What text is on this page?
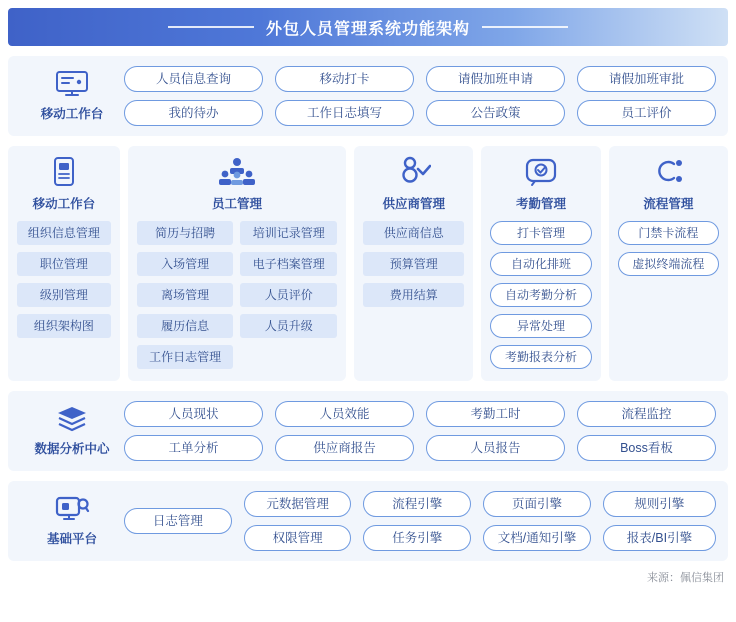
外包人员管理系统功能架构
移动工作台
人员信息查询	移动打卡	请假加班申请	请假加班审批
我的待办	工作日志填写	公告政策	员工评价
移动工作台
组织信息管理
职位管理
级别管理
组织架构图
员工管理
简历与招聘	培训记录管理
入场管理	电子档案管理
离场管理	人员评价
履历信息	人员升级
工作日志管理
供应商管理
供应商信息
预算管理
费用结算
考勤管理
打卡管理
自动化排班
自动考勤分析
异常处理
考勤报表分析
流程管理
门禁卡流程
虚拟终端流程
数据分析中心
人员现状	人员效能	考勤工时	流程监控
工单分析	供应商报告	人员报告	Boss看板
基础平台
元数据管理	流程引擎	页面引擎	规则引擎
日志管理
权限管理	任务引擎	文档/通知引擎	报表/BI引擎
来源：佩信集团
